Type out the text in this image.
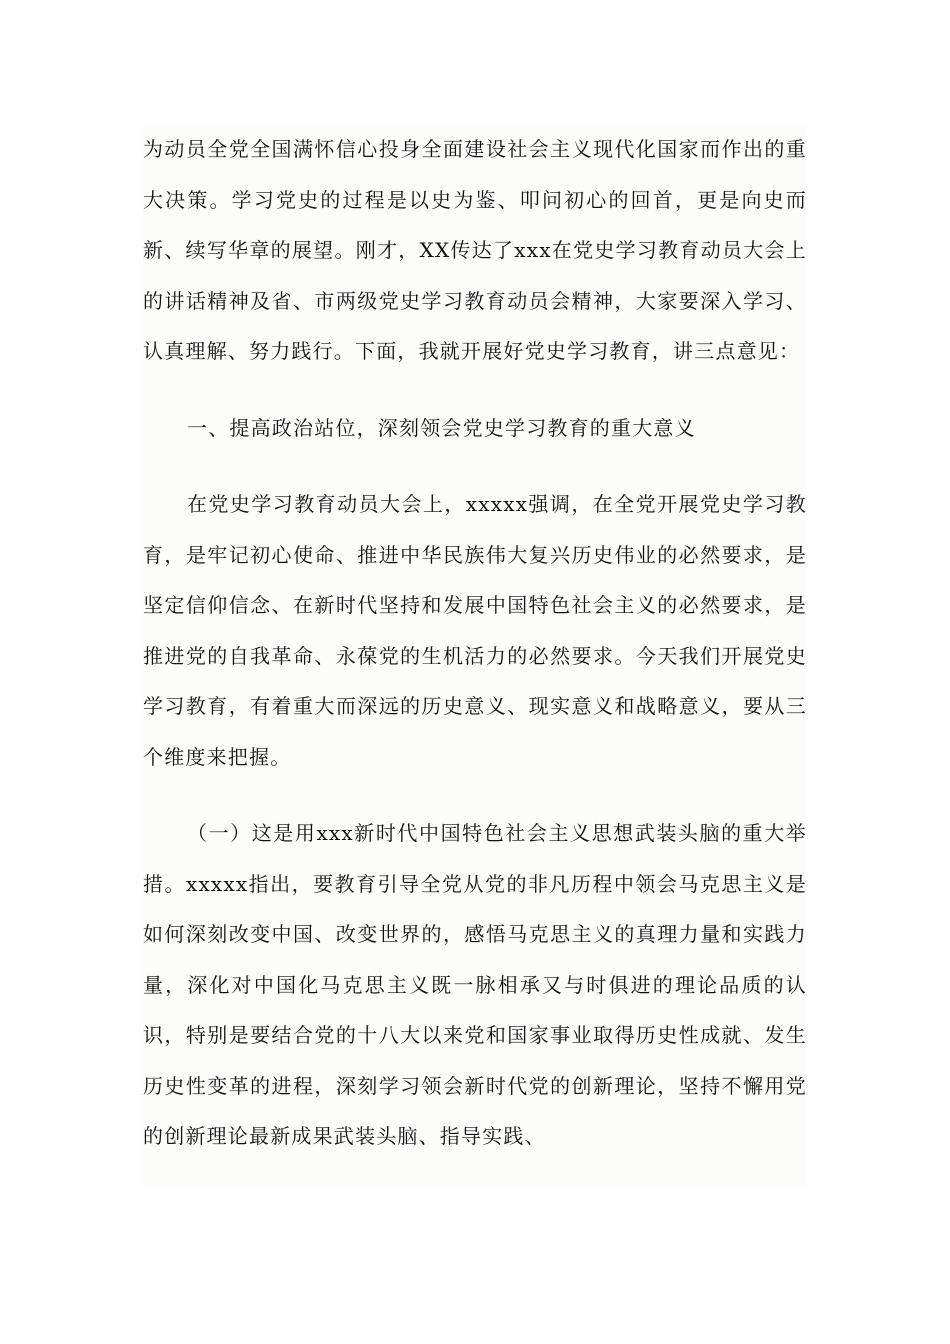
为动员全党全国满怀信心投身全面建设社会主义现代化国家而作出的重大决策。学习党史的过程是以史为鉴、叩问初心的回首，更是向史而新、续写华章的展望。刚才，XX传达了xxx在党史学习教育动员大会上的讲话精神及省、市两级党史学习教育动员会精神，大家要深入学习、认真理解、努力践行。下面，我就开展好党史学习教育，讲三点意见：

一、提高政治站位，深刻领会党史学习教育的重大意义

在党史学习教育动员大会上，xxxxx强调，在全党开展党史学习教育，是牢记初心使命、推进中华民族伟大复兴历史伟业的必然要求，是坚定信仰信念、在新时代坚持和发展中国特色社会主义的必然要求，是推进党的自我革命、永葆党的生机活力的必然要求。今天我们开展党史学习教育，有着重大而深远的历史意义、现实意义和战略意义，要从三个维度来把握。

（一）这是用xxx新时代中国特色社会主义思想武装头脑的重大举措。xxxxx指出，要教育引导全党从党的非凡历程中领会马克思主义是如何深刻改变中国、改变世界的，感悟马克思主义的真理力量和实践力量，深化对中国化马克思主义既一脉相承又与时俱进的理论品质的认识，特别是要结合党的十八大以来党和国家事业取得历史性成就、发生历史性变革的进程，深刻学习领会新时代党的创新理论，坚持不懈用党的创新理论最新成果武装头脑、指导实践、
